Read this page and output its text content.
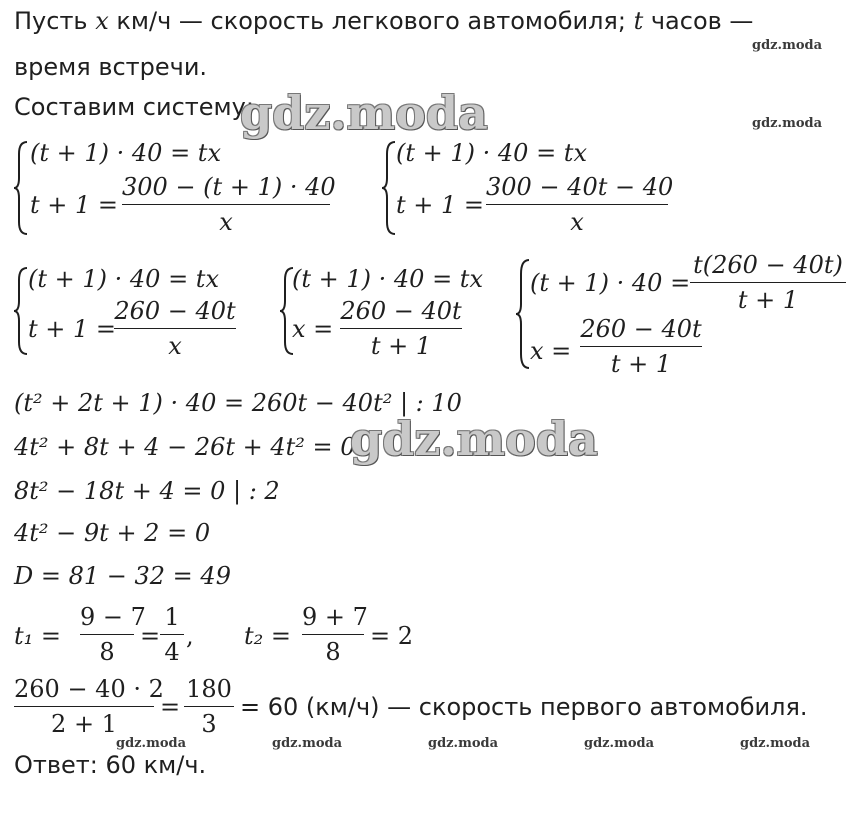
Пусть x км/ч — скорость легкового автомобиля; t часов —
время встречи.
Составим систему:
(t + 1) · 40 = tx
t + 1 =
300 − (t + 1) · 40
x
(t + 1) · 40 = tx
t + 1 =
300 − 40t − 40
x
(t + 1) · 40 = tx
t + 1 =
260 − 40t
x
(t + 1) · 40 = tx
x =
260 − 40t
t + 1
(t + 1) · 40 =
t(260 − 40t)
t + 1
x =
260 − 40t
t + 1
(t² + 2t + 1) · 40 = 260t − 40t² | : 10
4t² + 8t + 4 − 26t + 4t² = 0
8t² − 18t + 4 = 0 | : 2
4t² − 9t + 2 = 0
D = 81 − 32 = 49
t₁ =
9 − 7
8
=
1
4
, t₂ =
9 + 7
8
= 2
260 − 40 · 2
2 + 1
=
180
3
= 60 (км/ч) — скорость первого автомобиля.
Ответ: 60 км/ч.
gdz.moda
gdz.moda
gdz.moda
gdz.moda
gdz.moda	gdz.moda	gdz.moda	gdz.moda	gdz.moda
